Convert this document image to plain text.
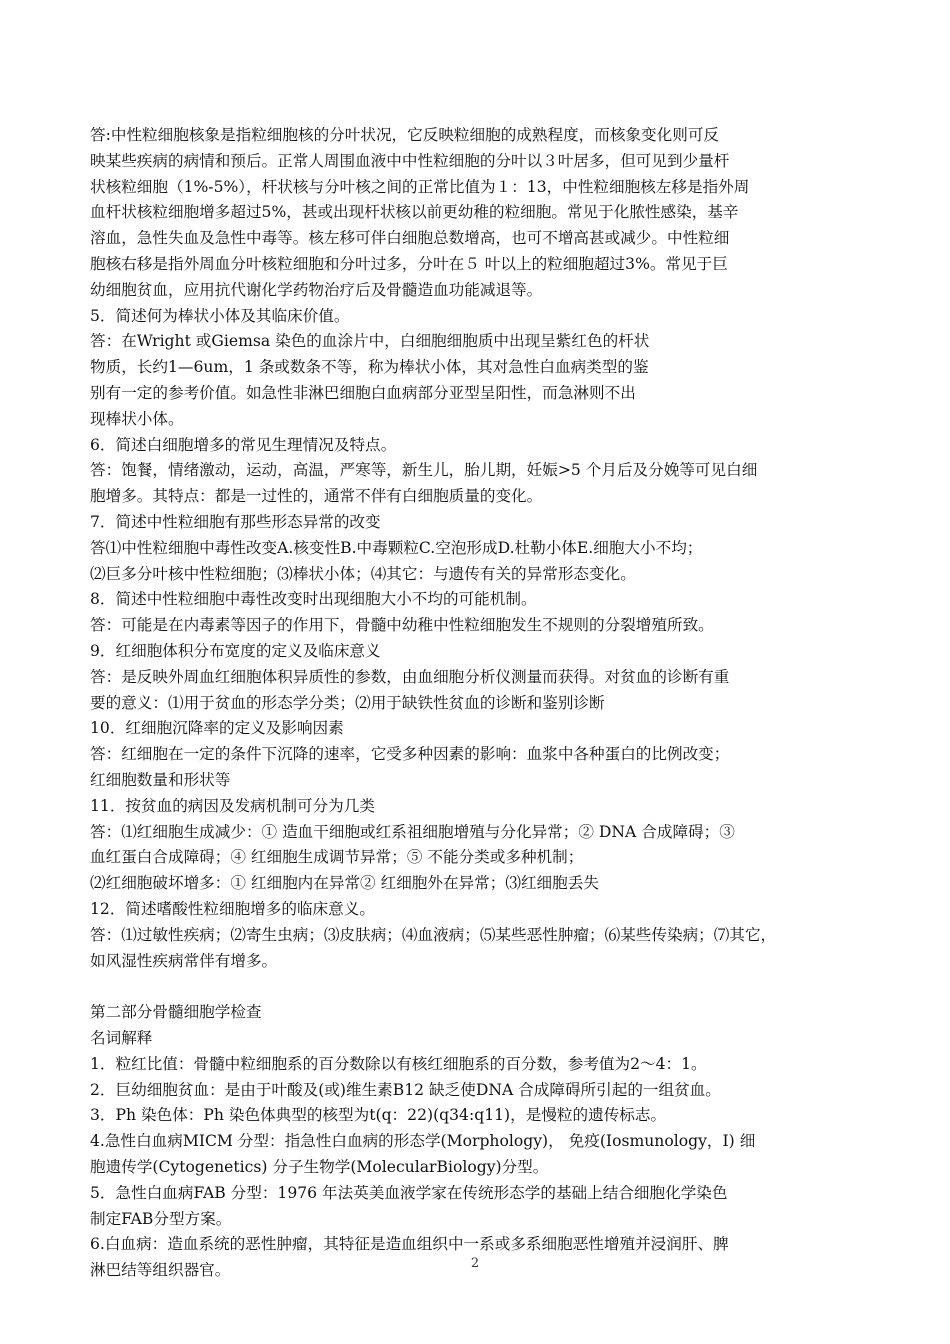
答:中性粒细胞核象是指粒细胞核的分叶状况，它反映粒细胞的成熟程度，而核象变化则可反

映某些疾病的病情和预后。正常人周围血液中中性粒细胞的分叶以３叶居多，但可见到少量杆

状核粒细胞（1%-5%），杆状核与分叶核之间的正常比值为１：13，中性粒细胞核左移是指外周

血杆状核粒细胞增多超过5%，甚或出现杆状核以前更幼稚的粒细胞。常见于化脓性感染，基辛

溶血，急性失血及急性中毒等。核左移可伴白细胞总数增高，也可不增高甚或减少。中性粒细

胞核右移是指外周血分叶核粒细胞和分叶过多，分叶在５ 叶以上的粒细胞超过3%。常见于巨

幼细胞贫血，应用抗代谢化学药物治疗后及骨髓造血功能减退等。

5．简述何为棒状小体及其临床价值。

答：在Wright 或Giemsa 染色的血涂片中，白细胞细胞质中出现呈紫红色的杆状

物质，长约1—6um，1 条或数条不等，称为棒状小体，其对急性白血病类型的鉴

别有一定的参考价值。如急性非淋巴细胞白血病部分亚型呈阳性，而急淋则不出

现棒状小体。

6．简述白细胞增多的常见生理情况及特点。

答：饱餐，情绪激动，运动，高温，严寒等，新生儿，胎儿期，妊娠>5 个月后及分娩等可见白细

胞增多。其特点：都是一过性的，通常不伴有白细胞质量的变化。

7．简述中性粒细胞有那些形态异常的改变

答⑴中性粒细胞中毒性改变A.核变性B.中毒颗粒C.空泡形成D.杜勒小体E.细胞大小不均；

⑵巨多分叶核中性粒细胞；⑶棒状小体；⑷其它：与遗传有关的异常形态变化。

8．简述中性粒细胞中毒性改变时出现细胞大小不均的可能机制。

答：可能是在内毒素等因子的作用下，骨髓中幼稚中性粒细胞发生不规则的分裂增殖所致。

9．红细胞体积分布宽度的定义及临床意义

答：是反映外周血红细胞体积异质性的参数，由血细胞分析仪测量而获得。对贫血的诊断有重

要的意义：⑴用于贫血的形态学分类；⑵用于缺铁性贫血的诊断和鉴别诊断

10．红细胞沉降率的定义及影响因素

答：红细胞在一定的条件下沉降的速率，它受多种因素的影响：血浆中各种蛋白的比例改变；

红细胞数量和形状等

11．按贫血的病因及发病机制可分为几类

答：⑴红细胞生成减少：① 造血干细胞或红系祖细胞增殖与分化异常；② DNA 合成障碍；③

血红蛋白合成障碍；④ 红细胞生成调节异常；⑤ 不能分类或多种机制；

⑵红细胞破坏增多：① 红细胞内在异常② 红细胞外在异常；⑶红细胞丢失

12．简述嗜酸性粒细胞增多的临床意义。

答：⑴过敏性疾病；⑵寄生虫病；⑶皮肤病；⑷血液病；⑸某些恶性肿瘤；⑹某些传染病；⑺其它，

如风湿性疾病常伴有增多。

第二部分骨髓细胞学检查

名词解释

1．粒红比值：骨髓中粒细胞系的百分数除以有核红细胞系的百分数，参考值为2～4：1。

2．巨幼细胞贫血：是由于叶酸及(或)维生素B12 缺乏使DNA 合成障碍所引起的一组贫血。

3．Ph 染色体：Ph 染色体典型的核型为t(q：22)(q34:q11)，是慢粒的遗传标志。

4.急性白血病MICM 分型：指急性白血病的形态学(Morphology)， 免疫(Iosmunology，I) 细

胞遗传学(Cytogenetics) 分子生物学(MolecularBiology)分型。

5．急性白血病FAB 分型：1976 年法英美血液学家在传统形态学的基础上结合细胞化学染色

制定FAB分型方案。

6.白血病：造血系统的恶性肿瘤，其特征是造血组织中一系或多系细胞恶性增殖并浸润肝、脾

淋巴结等组织器官。	2
